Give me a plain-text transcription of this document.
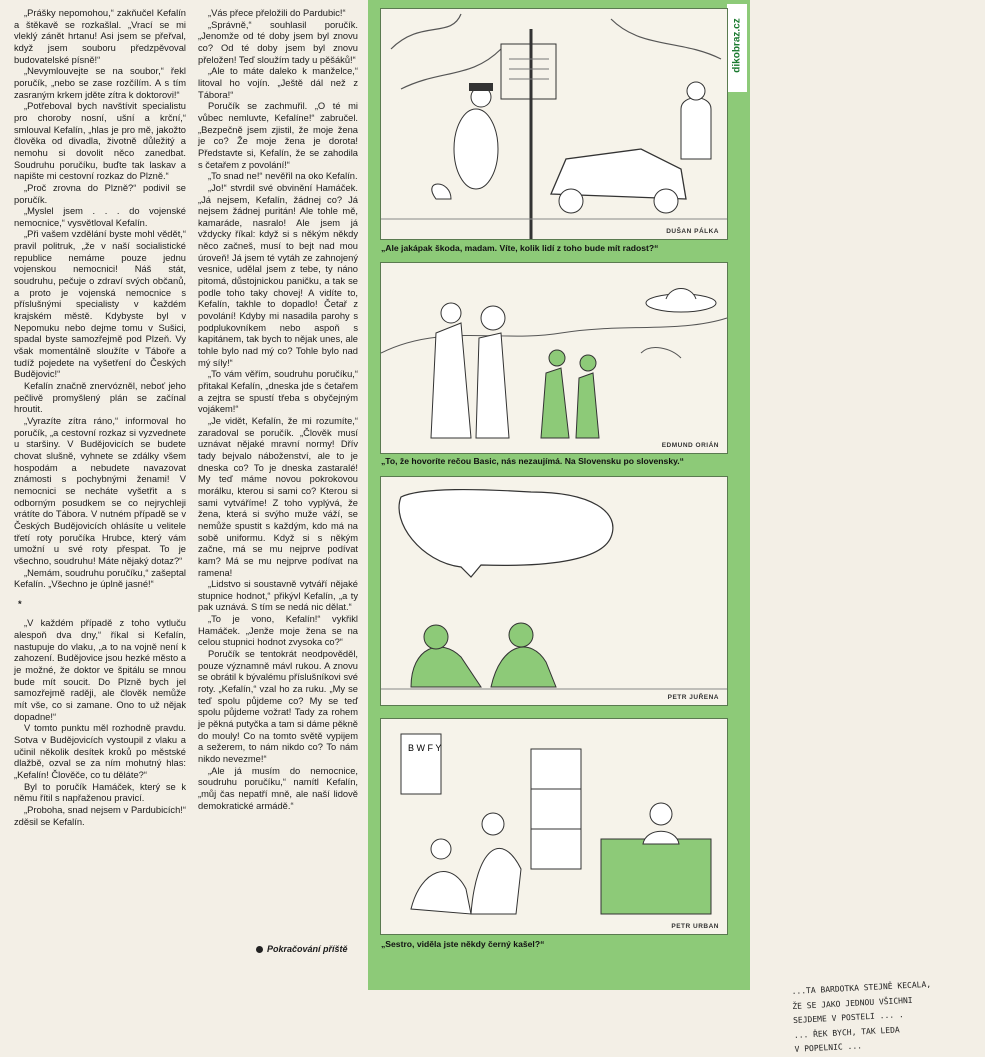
„Prášky nepomohou,“ zakňučel Kefalín a štěkavě se rozkašlal. „Vrací se mi vleklý zánět hrtanu! Asi jsem se přeřval, když jsem souboru předzpěvoval budovatelské písně!“

„Nevymlouvejte se na soubor,“ řekl poručík, „nebo se zase rozčílím. A s tím zasraným krkem jděte zítra k doktorovi!“

„Potřeboval bych navštívit specialistu pro choroby nosní, ušní a krční,“ smlouval Kefalín, „hlas je pro mě, jakožto člověka od divadla, životně důležitý a nemohu si dovolit něco zanedbat. Soudruhu poručíku, buďte tak laskav a napište mi cestovní rozkaz do Plzně.“

„Proč zrovna do Plzně?“ podivil se poručík.

„Myslel jsem . . . do vojenské nemocnice,“ vysvětloval Kefalín.

„Při vašem vzdělání byste mohl vědět,“ pravil politruk, „že v naší socialistické republice nemáme pouze jednu vojenskou nemocnici! Náš stát, soudruhu, pečuje o zdraví svých občanů, a proto je vojenská nemocnice s příslušnými specialisty v každém krajském městě. Kdybyste byl v Nepomuku nebo dejme tomu v Sušici, spadal byste samozřejmě pod Plzeň. Vy však momentálně sloužíte v Táboře a tudíž pojedete na vyšetření do Českých Budějovic!“

Kefalín značně znervózněl, neboť jeho pečlivě promyšlený plán se začínal hroutit.

„Vyrazíte zítra ráno,“ informoval ho poručík, „a cestovní rozkaz si vyzvednete u staršiny. V Budějovicích se budete chovat slušně, vyhnete se zdálky všem hospodám a nebudete navazovat známosti s pochybnými ženami! V nemocnici se necháte vyšetřit a s odborným posudkem se co nejrychleji vrátíte do Tábora. V nutném případě se v Českých Budějovicích ohlásíte u velitele třetí roty poručíka Hrubce, který vám umožní u své roty přespat. To je všechno, soudruhu! Máte nějaký dotaz?“

„Nemám, soudruhu poručíku,“ zašeptal Kefalín. „Všechno je úplně jasné!“

*

„V každém případě z toho vytluču alespoň dva dny,“ říkal si Kefalín, nastupuje do vlaku, „a to na vojně není k zahození. Budějovice jsou hezké město a je možné, že doktor ve špitálu se mnou bude mít soucit. Do Plzně bych jel samozřejmě raději, ale člověk nemůže mít vše, co si zamane. Ono to už nějak dopadne!“

V tomto punktu měl rozhodně pravdu. Sotva v Budějovicích vystoupil z vlaku a učinil několik desítek kroků po městské dlažbě, ozval se za ním mohutný hlas: „Kefalín! Člověče, co tu děláte?“

Byl to poručík Hamáček, který se k němu řítil s napřaženou pravicí.

„Proboha, snad nejsem v Pardubicích!“ zděsil se Kefalín.

„Vás přece přeložili do Pardubic!“

„Správně,“ souhlasil poručík. „Jenomže od té doby jsem byl znovu co? Od té doby jsem byl znovu přeložen! Teď sloužím tady u pěšáků!“

„Ale to máte daleko k manželce,“ litoval ho vojín. „Ještě dál než z Tábora!“

Poručík se zachmuřil. „O té mi vůbec nemluvte, Kefalíne!“ zabručel. „Bezpečně jsem zjistil, že moje žena je co? Že moje žena je dorota! Představte si, Kefalín, že se zahodila s četařem z povolání!“

„To snad ne!“ nevěřil na oko Kefalín.

„Jo!“ stvrdil své obvinění Hamáček. „Já nejsem, Kefalín, žádnej co? Já nejsem žádnej puritán! Ale tohle mě, kamaráde, nasralo! Ale jsem já vždycky říkal: když si s někým někdy něco začneš, musí to bejt nad mou úroveň! Já jsem té vytáh ze zahnojený vesnice, udělal jsem z tebe, ty náno pitomá, důstojnickou paničku, a tak se podle toho taky chovej! A vidíte to, Kefalín, takhle to dopadlo! Četař z povolání! Kdyby mi nasadila parohy s podplukovníkem nebo aspoň s kapitánem, tak bych to nějak unes, ale tohle bylo nad mý co? Tohle bylo nad mý síly!“

„To vám věřím, soudruhu poručíku,“ přitakal Kefalín, „dneska jde s četařem a zejtra se spustí třeba s obyčejným vojákem!“

„Je vidět, Kefalín, že mi rozumíte,“ zaradoval se poručík. „Člověk musí uznávat nějaké mravní normy! Dřív tady bejvalo náboženství, ale to je dneska co? To je dneska zastaralé! My teď máme novou pokrokovou morálku, kterou si sami co? Kterou si sami vytváříme! Z toho vyplývá, že žena, která si svýho muže váží, se nemůže spustit s každým, kdo má na sobě uniformu. Když si s někým začne, má se mu nejprve podívat kam? Má se mu nejprve podívat na ramena!

„Lidstvo si soustavně vytváří nějaké stupnice hodnot,“ přikývl Kefalín, „a ty pak uznává. S tím se nedá nic dělat.“

„To je vono, Kefalín!“ vykřikl Hamáček. „Jenže moje žena se na celou stupnici hodnot zvysoka co?“

Poručík se tentokrát neodpověděl, pouze významně mávl rukou. A znovu se obrátil k bývalému příslušníkovi své roty. „Kefalín,“ vzal ho za ruku. „My se teď spolu půjdeme co? My se teď spolu půjdeme vožrat! Tady za rohem je pěkná putyčka a tam si dáme pěkně do mouly! Co na tomto světě vypijem a sežerem, to nám nikdo co? To nám nikdo nevezme!“

„Ale já musím do nemocnice, soudruhu poručíku,“ namítl Kefalín, „můj čas nepatří mně, ale naší lidově demokratické armádě.“

Pokračování příště
dikobraz.cz
DUŠAN PÁLKA
„Ale jakápak škoda, madam. Víte, kolik lidí z toho bude mít radost?“
EDMUND ORIÁN
„To, že hovoríte rečou Basic, nás nezaujímá. Na Slovensku po slovensky.“
...TA BARDOTKA STEJNĚ KECALA,
ŽE SE JAKO JEDNOU VŠICHNI
SEJDEME V POSTELI ... .
... ŘEK BYCH, TAK LEDA
V POPELNIC ...
PETR JUŘENA
B W F Y
PETR URBAN
„Sestro, viděla jste někdy černý kašel?“
